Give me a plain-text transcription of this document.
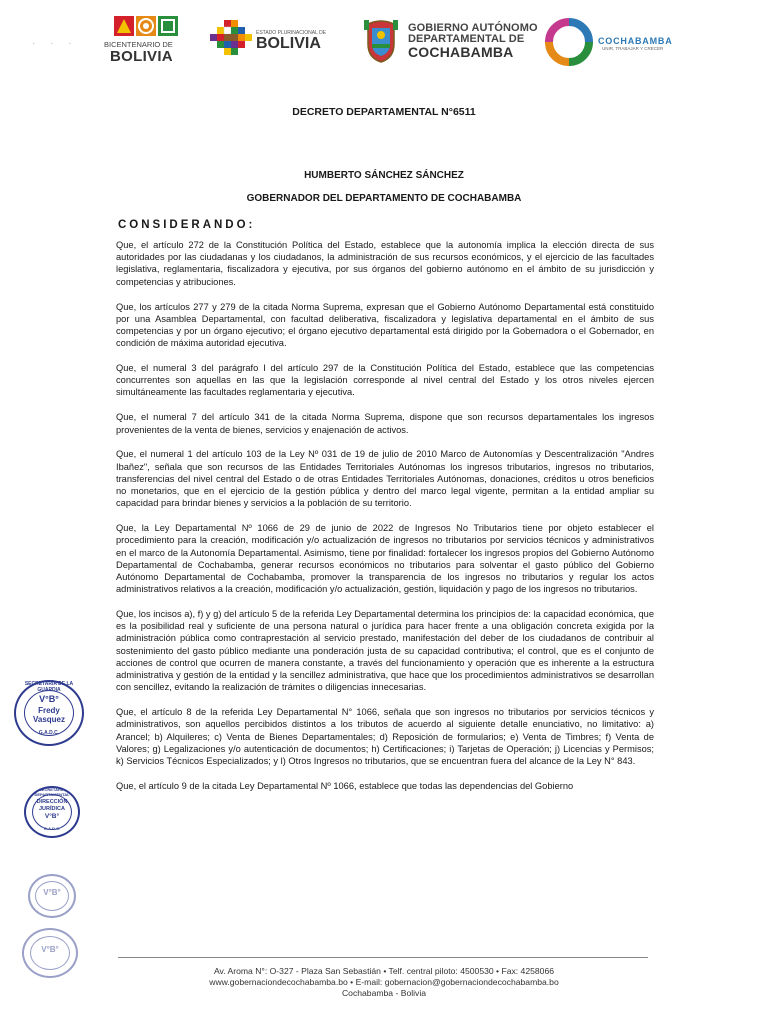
· · ·	BICENTENARIO DE
BOLIVIA
ESTADO PLURINACIONAL DE
BOLIVIA
GOBIERNO AUTÓNOMO
DEPARTAMENTAL DE
COCHABAMBA
COCHABAMBA
UNIR, TRABAJAR Y CRECER
DECRETO DEPARTAMENTAL N°6511
HUMBERTO SÁNCHEZ SÁNCHEZ
GOBERNADOR DEL DEPARTAMENTO DE COCHABAMBA
CONSIDERANDO:

Que, el artículo 272 de la Constitución Política del Estado, establece que la autonomía implica la elección directa de sus autoridades por las ciudadanas y los ciudadanos, la administración de sus recursos económicos, y el ejercicio de las facultades legislativa, reglamentaria, fiscalizadora y ejecutiva, por sus órganos del gobierno autónomo en el ámbito de su jurisdicción y competencias y atribuciones.

Que, los artículos 277 y 279 de la citada Norma Suprema, expresan que el Gobierno Autónomo Departamental está constituido por una Asamblea Departamental, con facultad deliberativa, fiscalizadora y legislativa departamental en el ámbito de sus competencias y por un órgano ejecutivo; el órgano ejecutivo departamental está dirigido por la Gobernadora o el Gobernador, en condición de máxima autoridad ejecutiva.

Que, el numeral 3 del parágrafo I del artículo 297 de la Constitución Política del Estado, establece que las competencias concurrentes son aquellas en las que la legislación corresponde al nivel central del Estado y los otros niveles ejercen simultáneamente las facultades reglamentaria y ejecutiva.

Que, el numeral 7 del artículo 341 de la citada Norma Suprema, dispone que son recursos departamentales los ingresos provenientes de la venta de bienes, servicios y enajenación de activos.

Que, el numeral 1 del artículo 103 de la Ley Nº 031 de 19 de julio de 2010 Marco de Autonomías y Descentralización "Andres Ibañez", señala que son recursos de las Entidades Territoriales Autónomas los ingresos tributarios, ingresos no tributarios, transferencias del nivel central del Estado o de otras Entidades Territoriales Autónomas, donaciones, créditos u otros beneficios no monetarios, que en el ejercicio de la gestión pública y dentro del marco legal vigente, permitan a la entidad ampliar su capacidad para brindar bienes y servicios a la población de su territorio.

Que, la Ley Departamental Nº 1066 de 29 de junio de 2022 de Ingresos No Tributarios tiene por objeto establecer el procedimiento para la creación, modificación y/o actualización de ingresos no tributarios por servicios técnicos y administrativos en el marco de la Autonomía Departamental. Asimismo, tiene por finalidad: fortalecer los ingresos propios del Gobierno Autónomo Departamental de Cochabamba, generar recursos económicos no tributarios para solventar el gasto público del Gobierno Autónomo Departamental de Cochabamba, promover la transparencia de los ingresos no tributarios y regular los actos administrativos relativos a la creación, modificación y/o actualización, gestión, liquidación y pago de los ingresos no tributarios.

Que, los incisos a), f) y g) del artículo 5 de la referida Ley Departamental determina los principios de: la capacidad económica, que es la posibilidad real y suficiente de una persona natural o jurídica para hacer frente a una obligación concreta exigida por la administración pública como contraprestación al servicio prestado, manifestación del deber de los ciudadanos de contribuir al sostenimiento del gasto público mediante una ponderación justa de su capacidad contributiva; el control, que es el conjunto de acciones de control que ocurren de manera constante, a través del funcionamiento y operación que es inherente a la estructura administrativa y gestión de la entidad y la sencillez administrativa, que hace que los procedimientos administrativos se desarrollan con sencillez, evitando la realización de trámites o diligencias innecesarias.

Que, el artículo 8 de la referida Ley Departamental N° 1066, señala que son ingresos no tributarios por servicios técnicos y administrativos, son aquellos percibidos distintos a los tributos de acuerdo al siguiente detalle enunciativo, no limitativo: a) Arancel; b) Alquileres; c) Venta de Bienes Departamentales; d) Reposición de formularios; e) Venta de Timbres; f) Venta de Valores; g) Legalizaciones y/o autenticación de documentos; h) Certificaciones; i) Tarjetas de Operación; j) Licencias y Permisos; k) Servicios Técnicos Especializados; y l) Otros Ingresos no tributarios, que se encuentran fuera del alcance de la Ley N° 843.

Que, el artículo 9 de la citada Ley Departamental Nº 1066, establece que todas las dependencias del Gobierno

SECRETARÍA DE LA GUARDIA
V°B°
Fredy
Vasquez
G.A.D.C.
SECRETARÍA DEPARTAMENTAL
DIRECCIÓN
JURÍDICA
V°B°
G.A.D.C.
V°B°
V°B°
Av. Aroma N°: O-327 - Plaza San Sebastián • Telf. central piloto: 4500530 • Fax: 4258066
www.gobernaciondecochabamba.bo • E-mail: gobernacion@gobernaciondecochabamba.bo
Cochabamba - Bolivia
